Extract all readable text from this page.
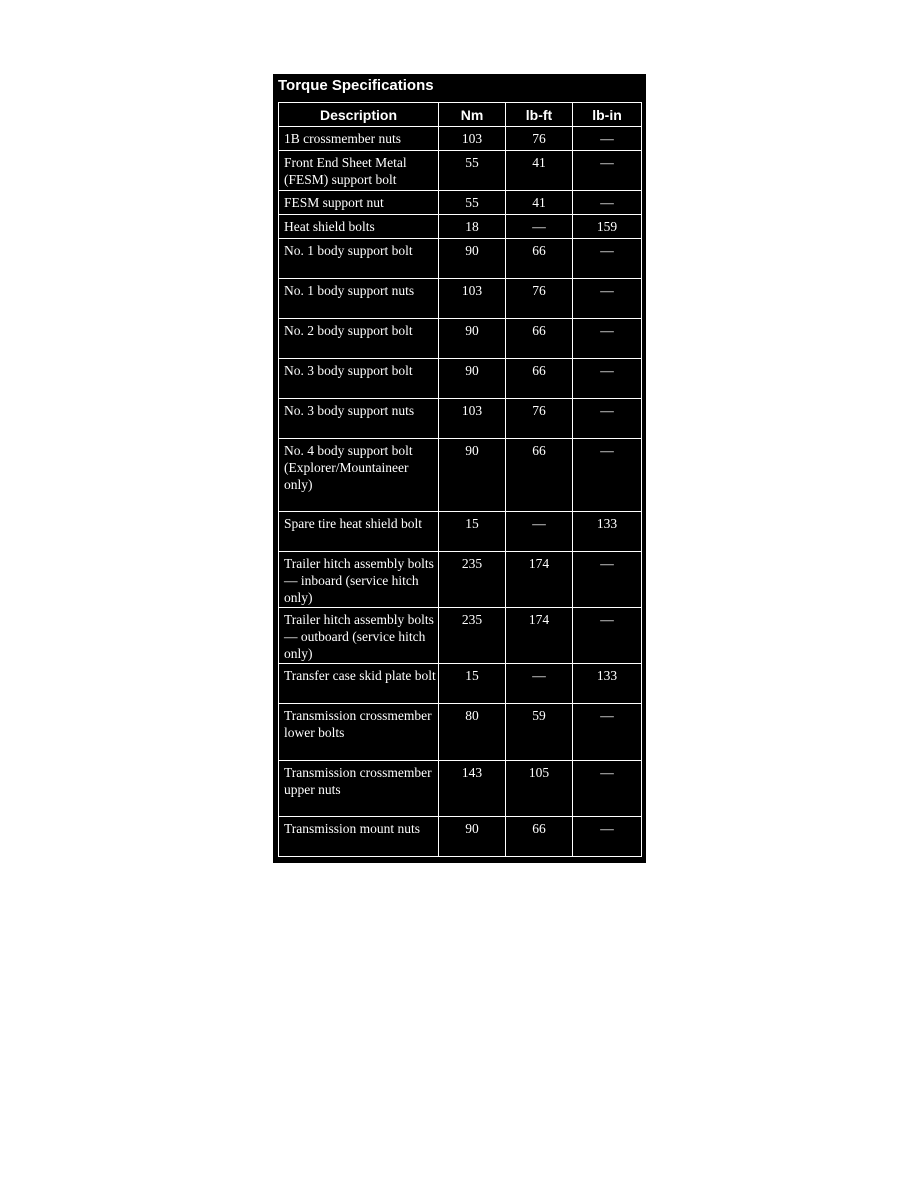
Torque Specifications
Description	Nm	lb-ft	lb-in
1B crossmember nuts	103	76	—
Front End Sheet Metal (FESM) support bolt	55	41	—
FESM support nut	55	41	—
Heat shield bolts	18	—	159
No. 1 body support bolt	90	66	—
No. 1 body support nuts	103	76	—
No. 2 body support bolt	90	66	—
No. 3 body support bolt	90	66	—
No. 3 body support nuts	103	76	—
No. 4 body support bolt (Explorer/Mountaineer only)	90	66	—
Spare tire heat shield bolt	15	—	133
Trailer hitch assembly bolts — inboard (service hitch only)	235	174	—
Trailer hitch assembly bolts — outboard (service hitch only)	235	174	—
Transfer case skid plate bolt	15	—	133
Transmission crossmember lower bolts	80	59	—
Transmission crossmember upper nuts	143	105	—
Transmission mount nuts	90	66	—
